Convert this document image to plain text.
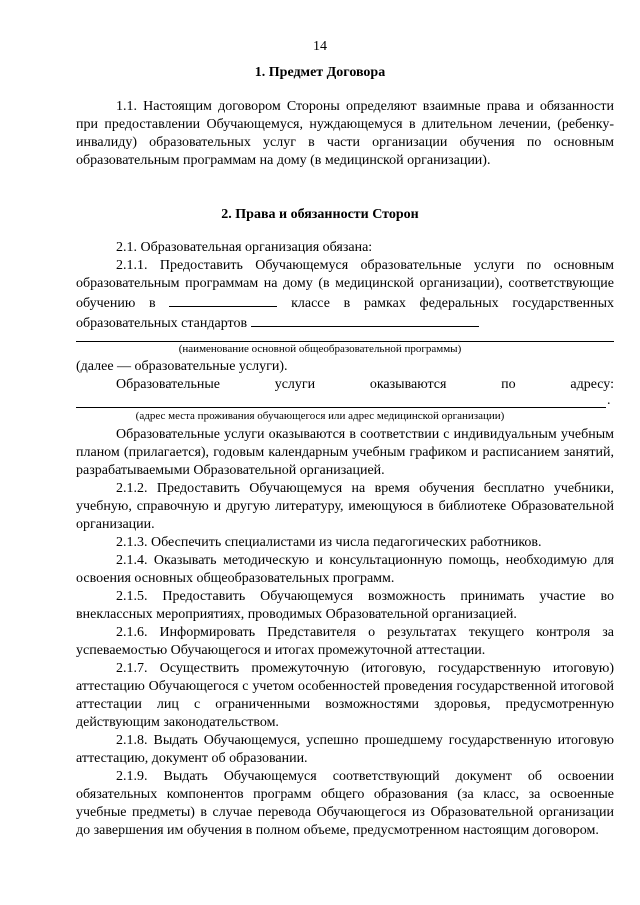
14
1. Предмет Договора
1.1. Настоящим договором Стороны определяют взаимные права и обязанности при предоставлении Обучающемуся, нуждающемуся в длительном лечении, (ребенку-инвалиду) образовательных услуг в части организации обучения по основным образовательным программам на дому (в медицинской организации).
2. Права и обязанности Сторон
2.1. Образовательная организация обязана:
2.1.1. Предоставить Обучающемуся образовательные услуги по основным образовательным программам на дому (в медицинской организации), соответствующие обучению в	классе в рамках федеральных государственных образовательных стандартов
(наименование основной общеобразовательной программы)
(далее — образовательные услуги).
Образовательные	услуги	оказываются	по	адресу:
.
(адрес места проживания обучающегося или адрес медицинской организации)
Образовательные услуги оказываются в соответствии с индивидуальным учебным планом (прилагается), годовым календарным учебным графиком и расписанием занятий, разрабатываемыми Образовательной организацией.
2.1.2. Предоставить Обучающемуся на время обучения бесплатно учебники, учебную, справочную и другую литературу, имеющуюся в библиотеке Образовательной организации.
2.1.3. Обеспечить специалистами из числа педагогических работников.
2.1.4. Оказывать методическую и консультационную помощь, необходимую для освоения основных общеобразовательных программ.
2.1.5. Предоставить Обучающемуся возможность принимать участие во внеклассных мероприятиях, проводимых Образовательной организацией.
2.1.6. Информировать Представителя о результатах текущего контроля за успеваемостью Обучающегося и итогах промежуточной аттестации.
2.1.7. Осуществить промежуточную (итоговую, государственную итоговую) аттестацию Обучающегося с учетом особенностей проведения государственной итоговой аттестации лиц с ограниченными возможностями здоровья, предусмотренную действующим законодательством.
2.1.8. Выдать Обучающемуся, успешно прошедшему государственную итоговую аттестацию, документ об образовании.
2.1.9. Выдать Обучающемуся соответствующий документ об освоении обязательных компонентов программ общего образования (за класс, за освоенные учебные предметы) в случае перевода Обучающегося из Образовательной организации до завершения им обучения в полном объеме, предусмотренном настоящим договором.
